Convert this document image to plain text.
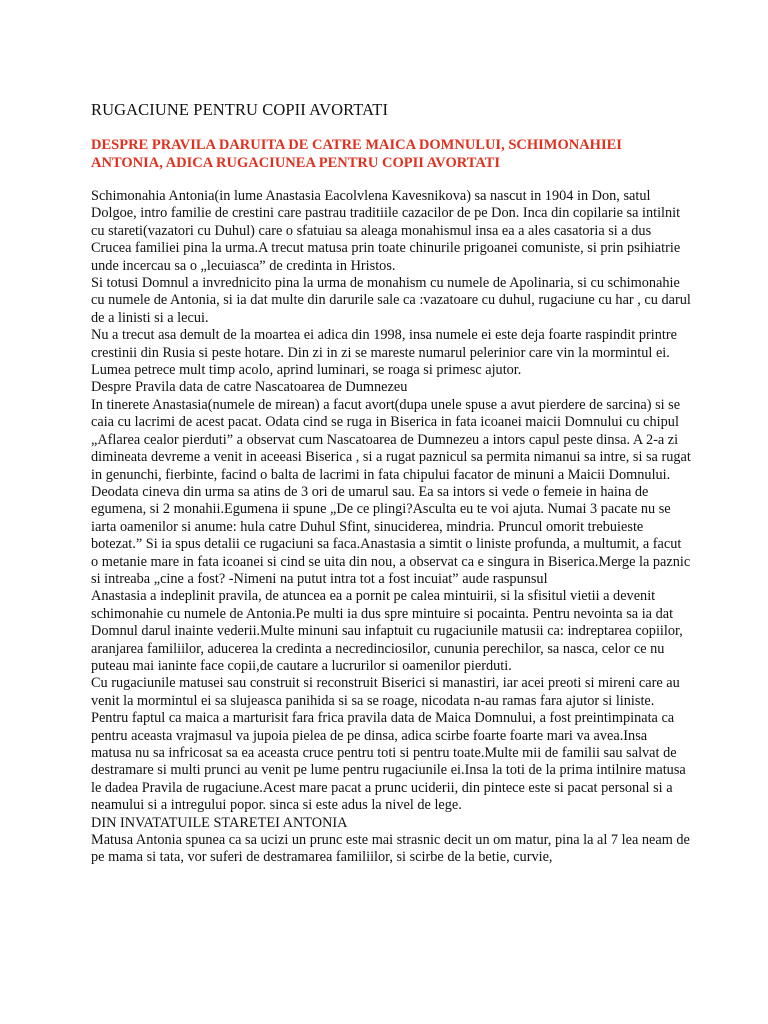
RUGACIUNE PENTRU COPII AVORTATI
DESPRE PRAVILA DARUITA DE CATRE MAICA DOMNULUI, SCHIMONAHIEI ANTONIA, ADICA RUGACIUNEA PENTRU COPII AVORTATI

Schimonahia Antonia(in lume Anastasia Eacolvlena Kavesnikova) sa nascut in 1904 in Don, satul Dolgoe, intro familie de crestini care pastrau traditiile cazacilor de pe Don. Inca din copilarie sa intilnit cu stareti(vazatori cu Duhul) care o sfatuiau sa aleaga monahismul insa ea a ales casatoria si a dus Crucea familiei pina la urma.A trecut matusa prin toate chinurile prigoanei comuniste, si prin psihiatrie unde incercau sa o „lecuiasca” de credinta in Hristos.

Si totusi Domnul a invrednicito pina la urma de monahism cu numele de Apolinaria, si cu schimonahie cu numele de Antonia, si ia dat multe din darurile sale ca :vazatoare cu duhul, rugaciune cu har , cu darul de a linisti si a lecui.

Nu a trecut asa demult de la moartea ei adica din 1998, insa numele ei este deja foarte raspindit printre crestinii din Rusia si peste hotare. Din zi in zi se mareste numarul pelerinior care vin la mormintul ei. Lumea petrece mult timp acolo, aprind luminari, se roaga si primesc ajutor.

Despre Pravila data de catre Nascatoarea de Dumnezeu

In tinerete Anastasia(numele de mirean) a facut avort(dupa unele spuse a avut pierdere de sarcina) si se caia cu lacrimi de acest pacat. Odata cind se ruga in Biserica in fata icoanei maicii Domnului cu chipul „Aflarea cealor pierduti” a observat cum Nascatoarea de Dumnezeu a intors capul peste dinsa. A 2-a zi dimineata devreme a venit in aceeasi Biserica , si a rugat paznicul sa permita nimanui sa intre, si sa rugat in genunchi, fierbinte, facind o balta de lacrimi in fata chipului facator de minuni a Maicii Domnului. Deodata cineva din urma sa atins de 3 ori de umarul sau. Ea sa intors si vede o femeie in haina de egumena, si 2 monahii.Egumena ii spune „De ce plingi?Asculta eu te voi ajuta. Numai 3 pacate nu se iarta oamenilor si anume: hula catre Duhul Sfint, sinuciderea, mindria. Pruncul omorit trebuieste botezat.” Si ia spus detalii ce rugaciuni sa faca.Anastasia a simtit o liniste profunda, a multumit, a facut o metanie mare in fata icoanei si cind se uita din nou, a observat ca e singura in Biserica.Merge la paznic si intreaba „cine a fost? -Nimeni na putut intra tot a fost incuiat” aude raspunsul

Anastasia a indeplinit pravila, de atuncea ea a pornit pe calea mintuirii, si la sfisitul vietii a devenit schimonahie cu numele de Antonia.Pe multi ia dus spre mintuire si pocainta. Pentru nevointa sa ia dat Domnul darul inainte vederii.Multe minuni sau infaptuit cu rugaciunile matusii ca: indreptarea copiilor, aranjarea familiilor, aducerea la credinta a necredinciosilor, cununia perechilor, sa nasca, celor ce nu puteau mai ianinte face copii,de cautare a lucrurilor si oamenilor pierduti.

Cu rugaciunile matusei sau construit si reconstruit Biserici si manastiri, iar acei preoti si mireni care au venit la mormintul ei sa slujeasca panihida si sa se roage, nicodata n-au ramas fara ajutor si liniste. Pentru faptul ca maica a marturisit fara frica pravila data de Maica Domnului, a fost preintimpinata ca pentru aceasta vrajmasul va jupoia pielea de pe dinsa, adica scirbe foarte foarte mari va avea.Insa matusa nu sa infricosat sa ea aceasta cruce pentru toti si pentru toate.Multe mii de familii sau salvat de destramare si multi prunci au venit pe lume pentru rugaciunile ei.Insa la toti de la prima intilnire matusa le dadea Pravila de rugaciune.Acest mare pacat a prunc uciderii, din pintece este si pacat personal si a neamului si a intregului popor. sinca si este adus la nivel de lege.

DIN INVATATUILE STARETEI ANTONIA

Matusa Antonia spunea ca sa ucizi un prunc este mai strasnic decit un om matur, pina la al 7 lea neam de pe mama si tata, vor suferi de destramarea familiilor, si scirbe de la betie, curvie,
